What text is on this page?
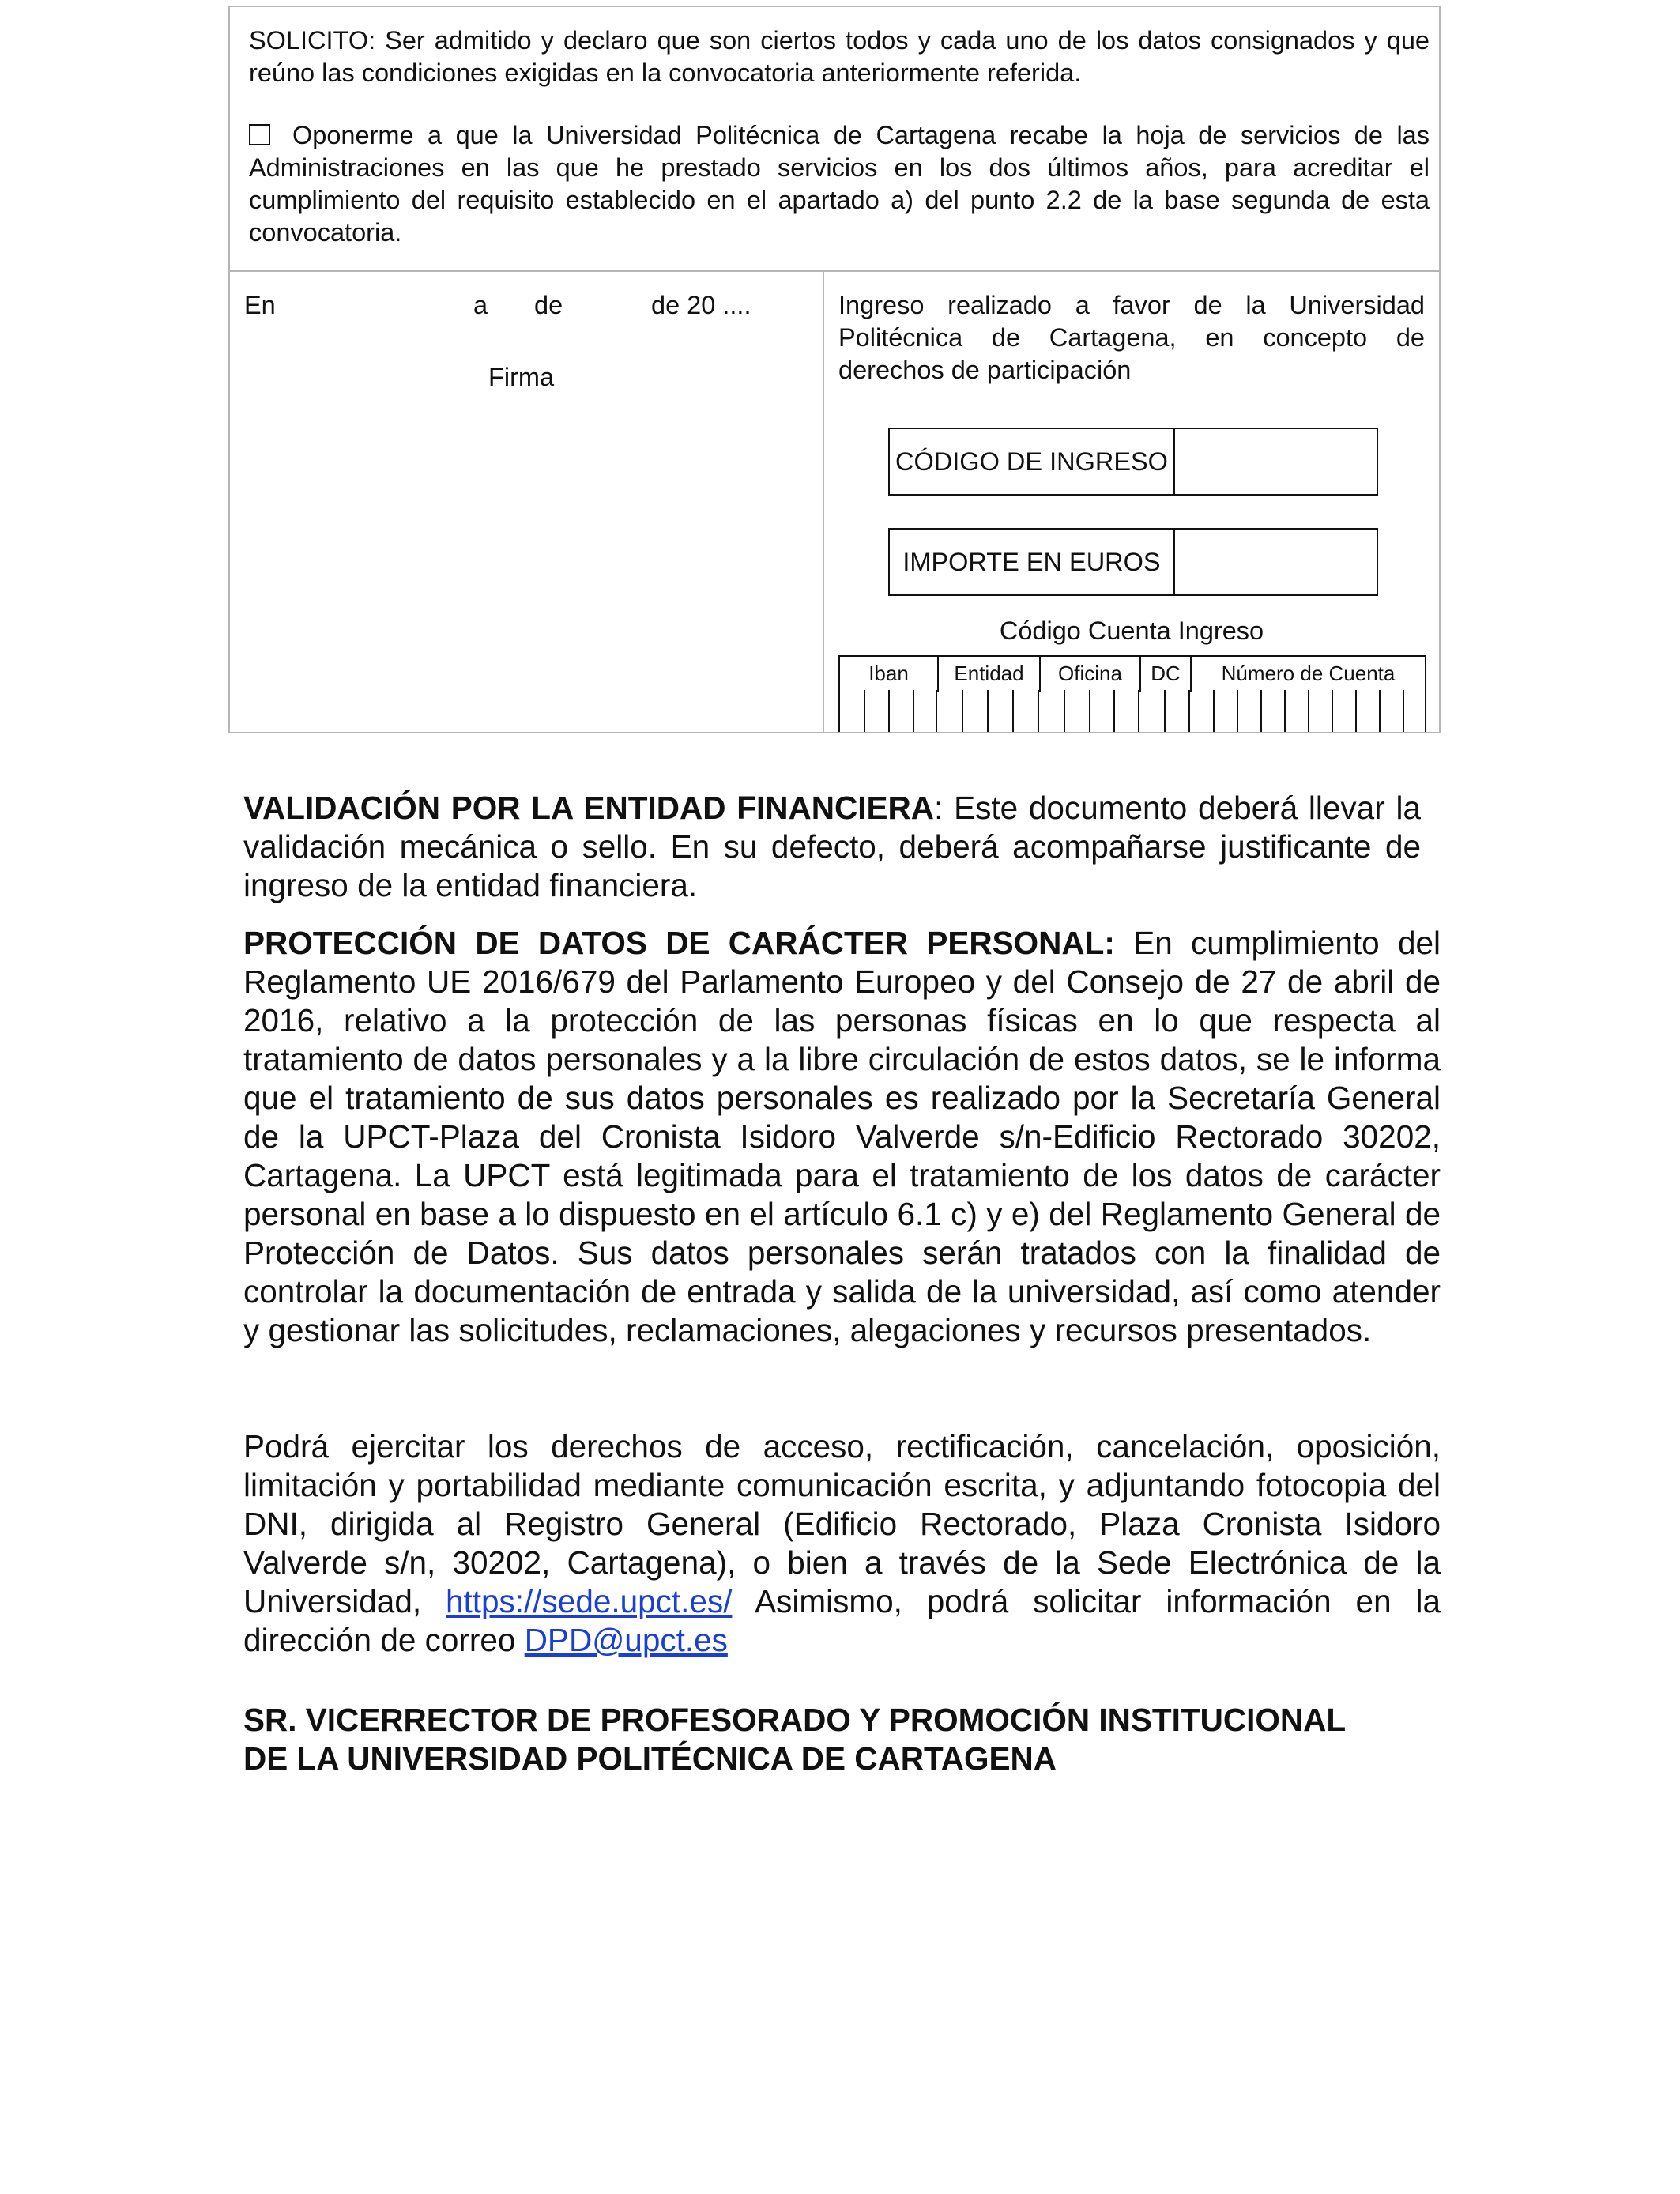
SOLICITO: Ser admitido y declaro que son ciertos todos y cada uno de los datos consignados y que reúno las condiciones exigidas en la convocatoria anteriormente referida.

Oponerme a que la Universidad Politécnica de Cartagena recabe la hoja de servicios de las Administraciones en las que he prestado servicios en los dos últimos años, para acreditar el cumplimiento del requisito establecido en el apartado a) del punto 2.2 de la base segunda de esta convocatoria.

En	a de	de 20 ....
Firma

Ingreso realizado a favor de la Universidad Politécnica de Cartagena, en concepto de derechos de participación

CÓDIGO DE INGRESO
IMPORTE EN EUROS
Código Cuenta Ingreso
Iban	Entidad	Oficina	DC	Número de Cuenta

VALIDACIÓN POR LA ENTIDAD FINANCIERA: Este documento deberá llevar la validación mecánica o sello. En su defecto, deberá acompañarse justificante de ingreso de la entidad financiera.

PROTECCIÓN DE DATOS DE CARÁCTER PERSONAL: En cumplimiento del Reglamento UE 2016/679 del Parlamento Europeo y del Consejo de 27 de abril de 2016, relativo a la protección de las personas físicas en lo que respecta al tratamiento de datos personales y a la libre circulación de estos datos, se le informa que el tratamiento de sus datos personales es realizado por la Secretaría General de la UPCT-Plaza del Cronista Isidoro Valverde s/n-Edificio Rectorado 30202, Cartagena. La UPCT está legitimada para el tratamiento de los datos de carácter personal en base a lo dispuesto en el artículo 6.1 c) y e) del Reglamento General de Protección de Datos. Sus datos personales serán tratados con la finalidad de controlar la documentación de entrada y salida de la universidad, así como atender y gestionar las solicitudes, reclamaciones, alegaciones y recursos presentados.

Podrá ejercitar los derechos de acceso, rectificación, cancelación, oposición, limitación y portabilidad mediante comunicación escrita, y adjuntando fotocopia del DNI, dirigida al Registro General (Edificio Rectorado, Plaza Cronista Isidoro Valverde s/n, 30202, Cartagena), o bien a través de la Sede Electrónica de la Universidad, https://sede.upct.es/ Asimismo, podrá solicitar información en la dirección de correo DPD@upct.es

SR. VICERRECTOR DE PROFESORADO Y PROMOCIÓN INSTITUCIONAL

DE LA UNIVERSIDAD POLITÉCNICA DE CARTAGENA
